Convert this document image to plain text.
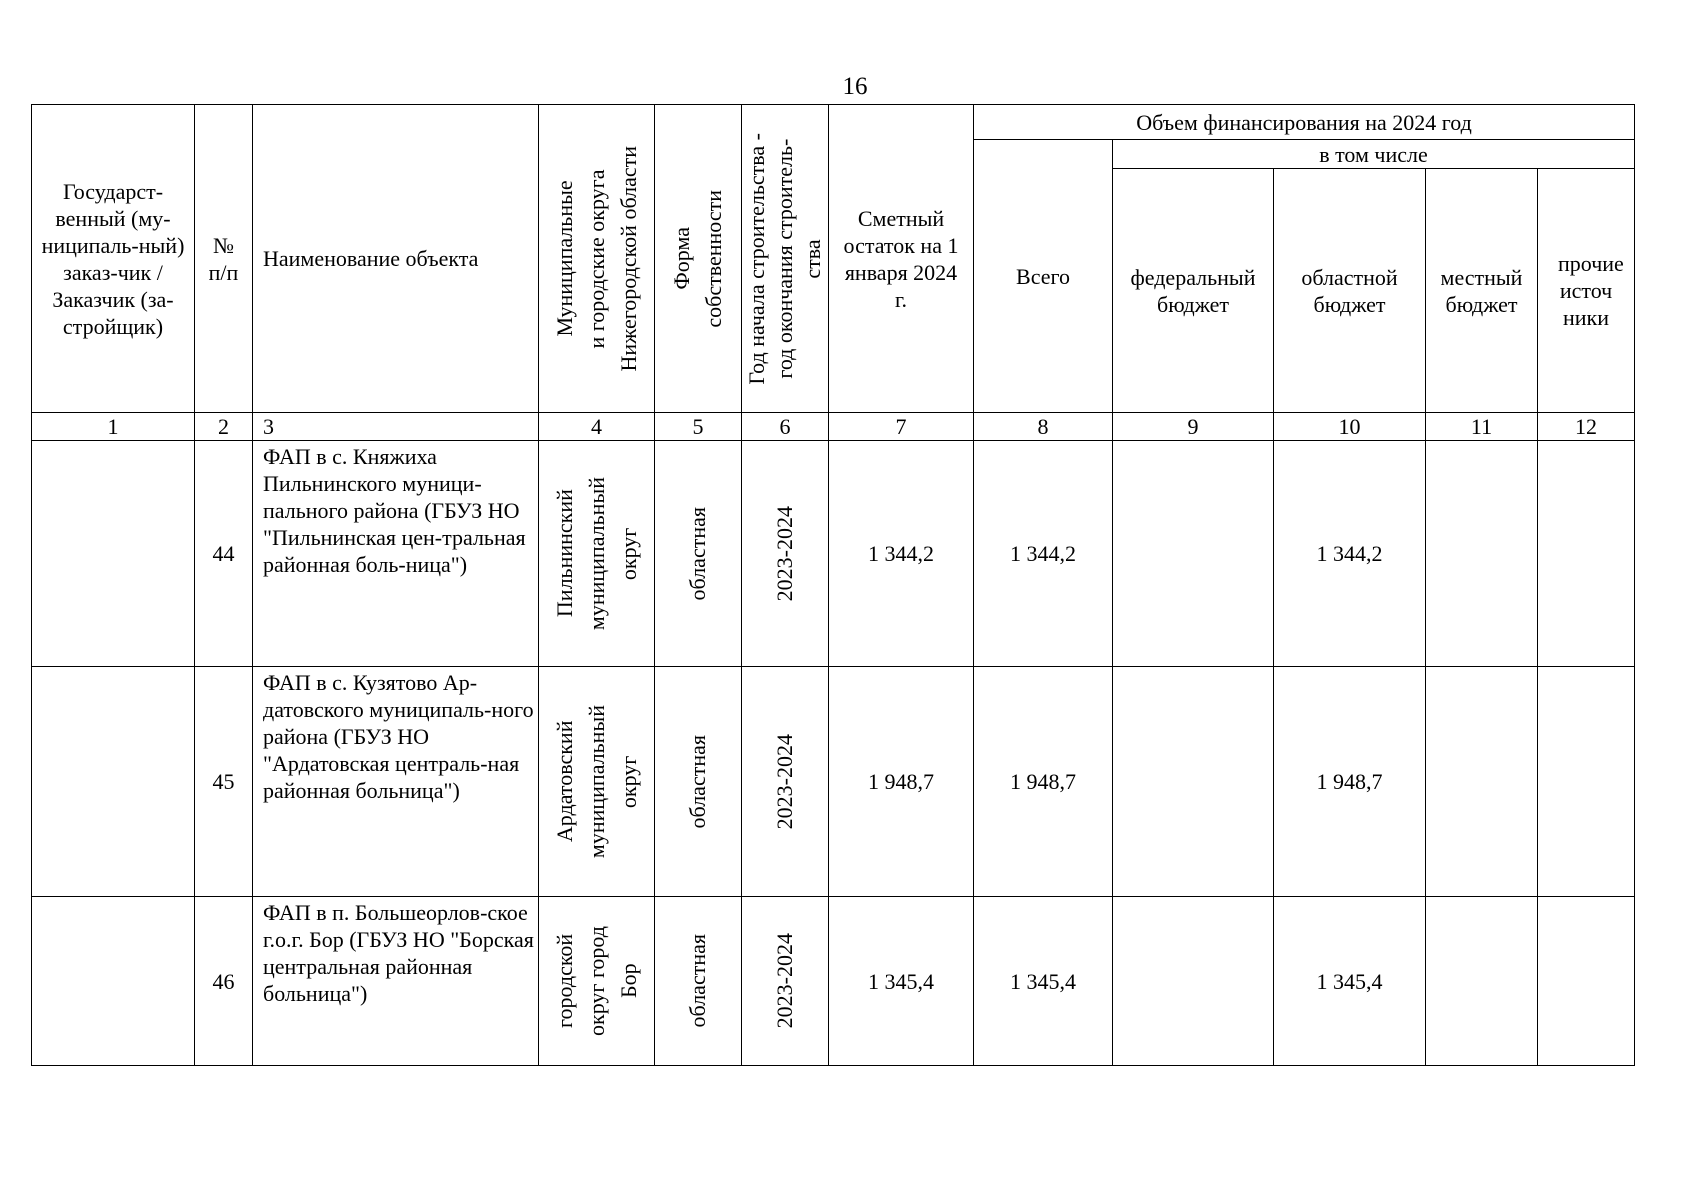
16
Государст-венный (му-ниципаль-ный) заказ-чик / Заказчик (за-стройщик)	№ п/п	Наименование объекта	Муниципальные
и городские округа
Нижегородской области	Форма
собственности	Год начала строительства -
год окончания строитель-
ства	Сметный остаток на 1 января 2024 г.	Объем финансирования на 2024 год				
							Всего	в том числе			

								федеральный бюджет	областной бюджет	местный бюджет	прочие источ ники

1	2	3	4	5	6	7	8	9	10	11	12
	44	ФАП в с. Княжиха Пильнинского муници-пального района (ГБУЗ НО "Пильнинская цен-тральная районная боль-ница")	Пильнинский
муниципальный
округ	областная	2023-2024	1 344,2	1 344,2		1 344,2		
	45	ФАП в с. Кузятово Ар-датовского муниципаль-ного района (ГБУЗ НО "Ардатовская централь-ная районная больница")	Ардатовский
муниципальный
округ	областная	2023-2024	1 948,7	1 948,7		1 948,7		
	46	ФАП в п. Большеорлов-ское г.о.г. Бор (ГБУЗ НО "Борская центральная районная больница")	городской
округ город
Бор	областная	2023-2024	1 345,4	1 345,4		1 345,4		
